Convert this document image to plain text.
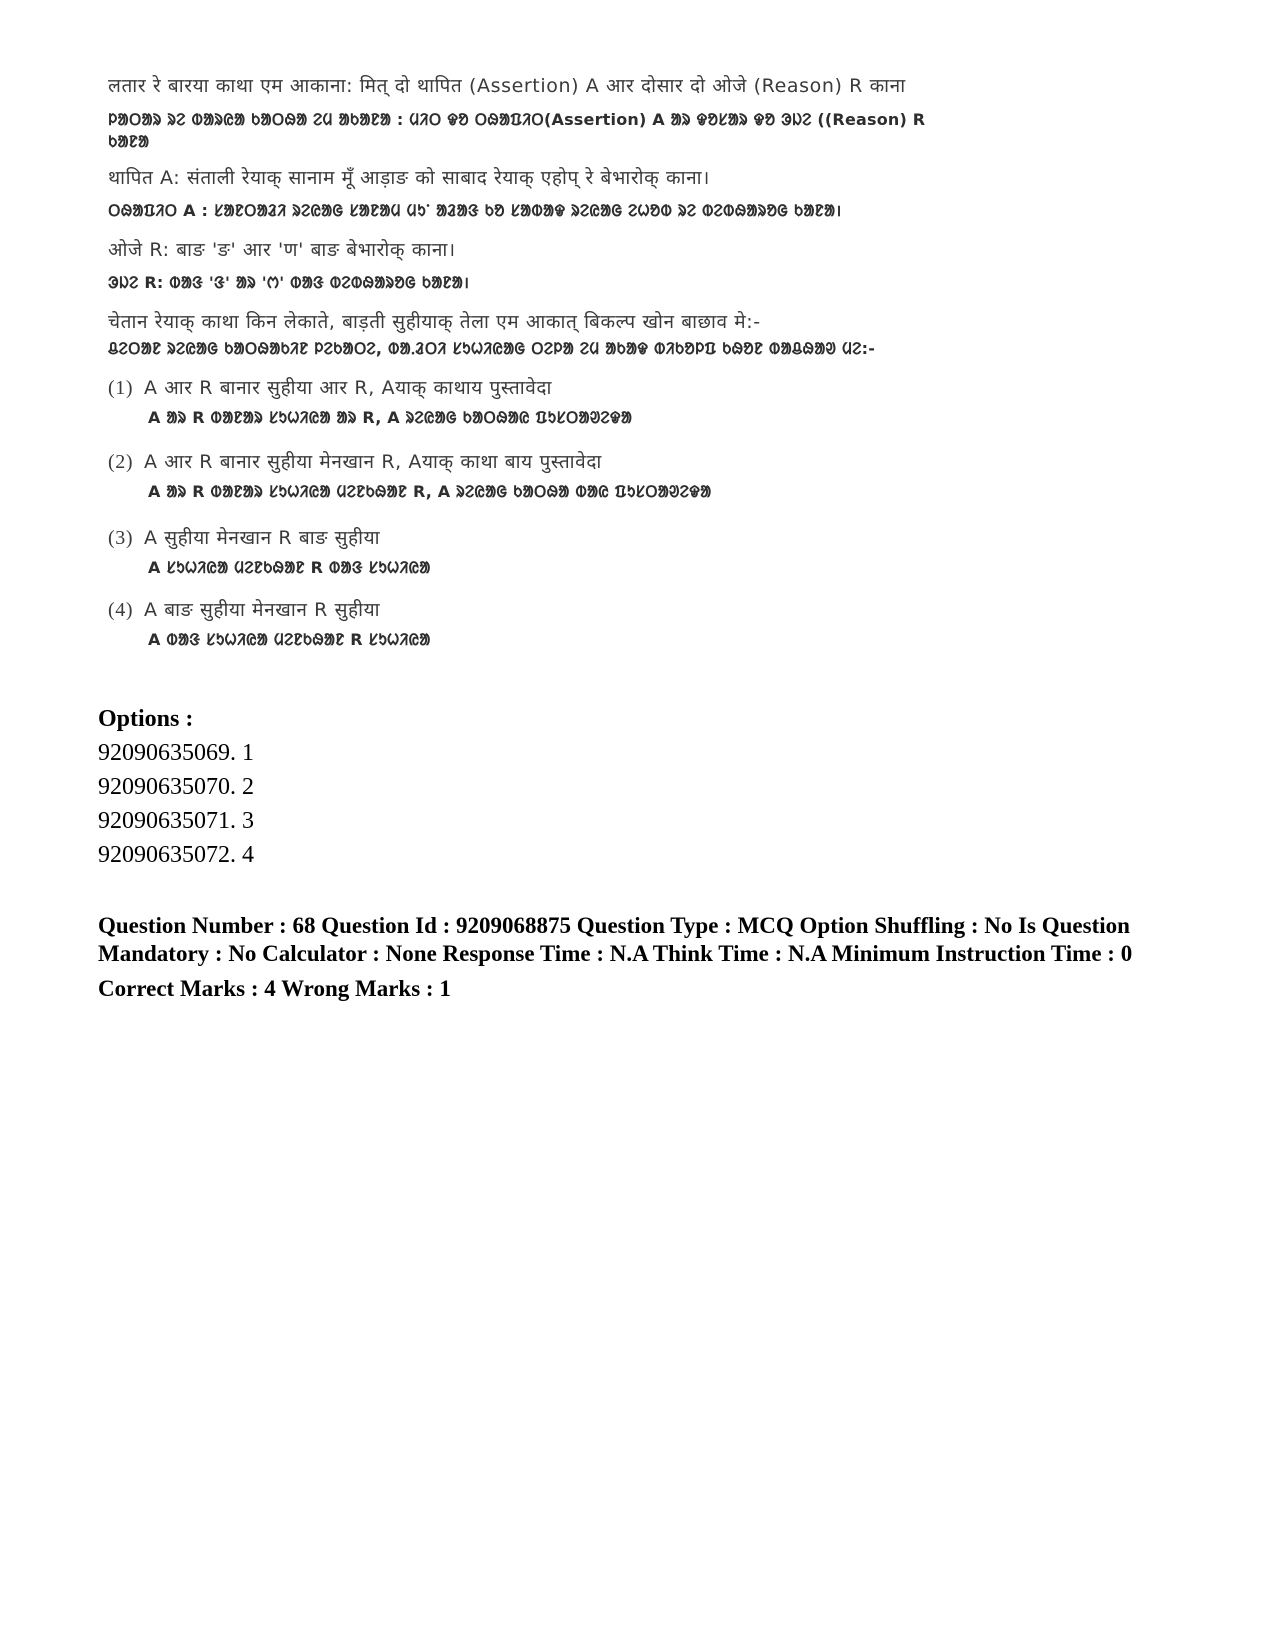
लतार रे बारया काथा एम आकाना: मित् दो थापित (Assertion) A आर दोसार दो ओजे (Reason) R काना
ᱞᱟᱛᱟᱨ ᱨᱮ ᱵᱟᱨᱭᱟ ᱠᱟᱛᱷᱟ ᱮᱢ ᱟᱠᱟᱱᱟ : ᱢᱤᱛ ᱫᱚ ᱛᱷᱟᱯᱤᱛ(Assertion) A ᱟᱨ ᱫᱚᱥᱟᱨ ᱫᱚ ᱳᱡᱮ ((Reason) R
ᱠᱟᱱᱟ
थापित A: संताली रेयाक् सानाम मूँ आड़ाङ को साबाद रेयाक् एहोप् रे बेभारोक् काना।
ᱛᱷᱟᱯᱤᱛ A : ᱥᱟᱱᱛᱟᱲᱤ ᱨᱮᱭᱟᱜ ᱥᱟᱱᱟᱢ ᱢᱩᱸ ᱟᱲᱟᱝ ᱠᱚ ᱥᱟᱵᱟᱫ ᱨᱮᱭᱟᱜ ᱮᱦᱚᱵ ᱨᱮ ᱵᱮᱵᱷᱟᱨᱚᱜ ᱠᱟᱱᱟ।
ओजे R: बाङ 'ङ' आर 'ण' बाङ बेभारोक् काना।
ᱳᱡᱮ R: ᱵᱟᱝ 'ᱝ' ᱟᱨ 'ᱬ' ᱵᱟᱝ ᱵᱮᱵᱷᱟᱨᱚᱜ ᱠᱟᱱᱟ।
चेतान रेयाक् काथा किन लेकाते, बाड़ती सुहीयाक् तेला एम आकात् बिकल्प खोन बाछाव मे:-
ᱪᱮᱛᱟᱱ ᱨᱮᱭᱟᱜ ᱠᱟᱛᱷᱟᱠᱤᱱ ᱞᱮᱠᱟᱛᱮ, ᱵᱟᱹᱲᱛᱤ ᱥᱩᱦᱤᱭᱟᱜ ᱛᱮᱞᱟ ᱮᱢ ᱟᱠᱟᱫ ᱵᱤᱠᱚᱞᱯ ᱠᱷᱚᱱ ᱵᱟᱪᱷᱟᱣ ᱢᱮ:-
(1) A आर R बानार सुहीया आर R, Aयाक् काथाय पुस्तावेदा
A ᱟᱨ R ᱵᱟᱱᱟᱨ ᱥᱩᱦᱤᱭᱟ ᱟᱨ R, A ᱨᱮᱭᱟᱜ ᱠᱟᱛᱷᱟᱭ ᱯᱩᱥᱛᱟᱣᱮᱫᱟ
(2) A आर R बानार सुहीया मेनखान R, Aयाक् काथा बाय पुस्तावेदा
A ᱟᱨ R ᱵᱟᱱᱟᱨ ᱥᱩᱦᱤᱭᱟ ᱢᱮᱱᱠᱷᱟᱱ R, A ᱨᱮᱭᱟᱜ ᱠᱟᱛᱷᱟ ᱵᱟᱭ ᱯᱩᱥᱛᱟᱣᱮᱫᱟ
(3) A सुहीया मेनखान R बाङ सुहीया
A ᱥᱩᱦᱤᱭᱟ ᱢᱮᱱᱠᱷᱟᱱ R ᱵᱟᱝ ᱥᱩᱦᱤᱭᱟ
(4) A बाङ सुहीया मेनखान R सुहीया
A ᱵᱟᱝ ᱥᱩᱦᱤᱭᱟ ᱢᱮᱱᱠᱷᱟᱱ R ᱥᱩᱦᱤᱭᱟ
Options :
92090635069. 1
92090635070. 2
92090635071. 3
92090635072. 4
Question Number : 68 Question Id : 9209068875 Question Type : MCQ Option Shuffling : No Is Question Mandatory : No Calculator : None Response Time : N.A Think Time : N.A Minimum Instruction Time : 0
Correct Marks : 4 Wrong Marks : 1
